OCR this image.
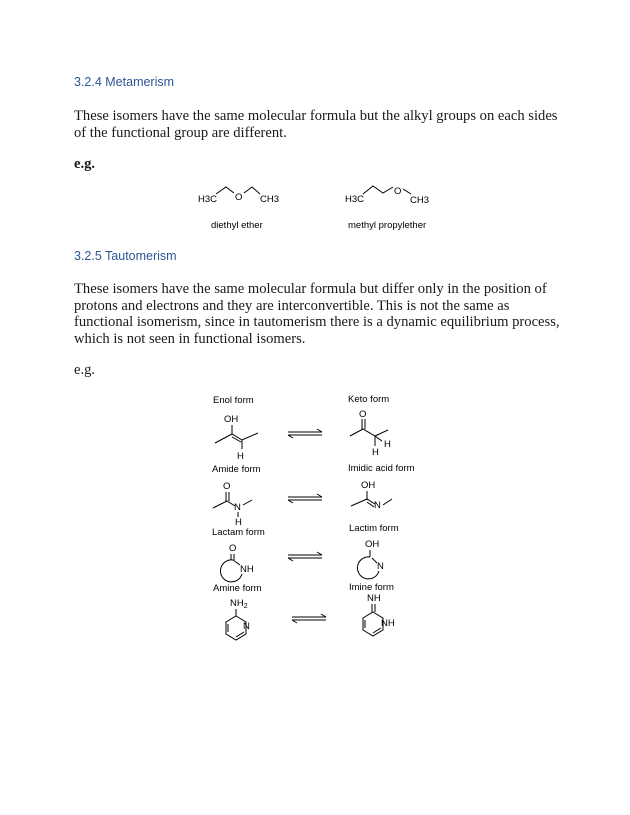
3.2.4 Metamerism
These isomers have the same molecular formula but the alkyl groups on each sides of the functional group are different.
e.g.
H3C O CH3
diethyl ether
H3C
O
CH3
methyl propylether
3.2.5 Tautomerism
These isomers have the same molecular formula but differ only in the position of protons and electrons and they are interconvertible. This is not the same as functional isomerism, since in tautomerism there is a dynamic equilibrium process, which is not seen in functional isomers.
e.g.
Enol form	Keto form
OH
H
O
H
H
Amide form	Imidic acid form
O
N
H
OH
N
Lactam form	Lactim form
O
NH
OH
N
Amine form	Imine form
$NH_2$
N
NH
NH
